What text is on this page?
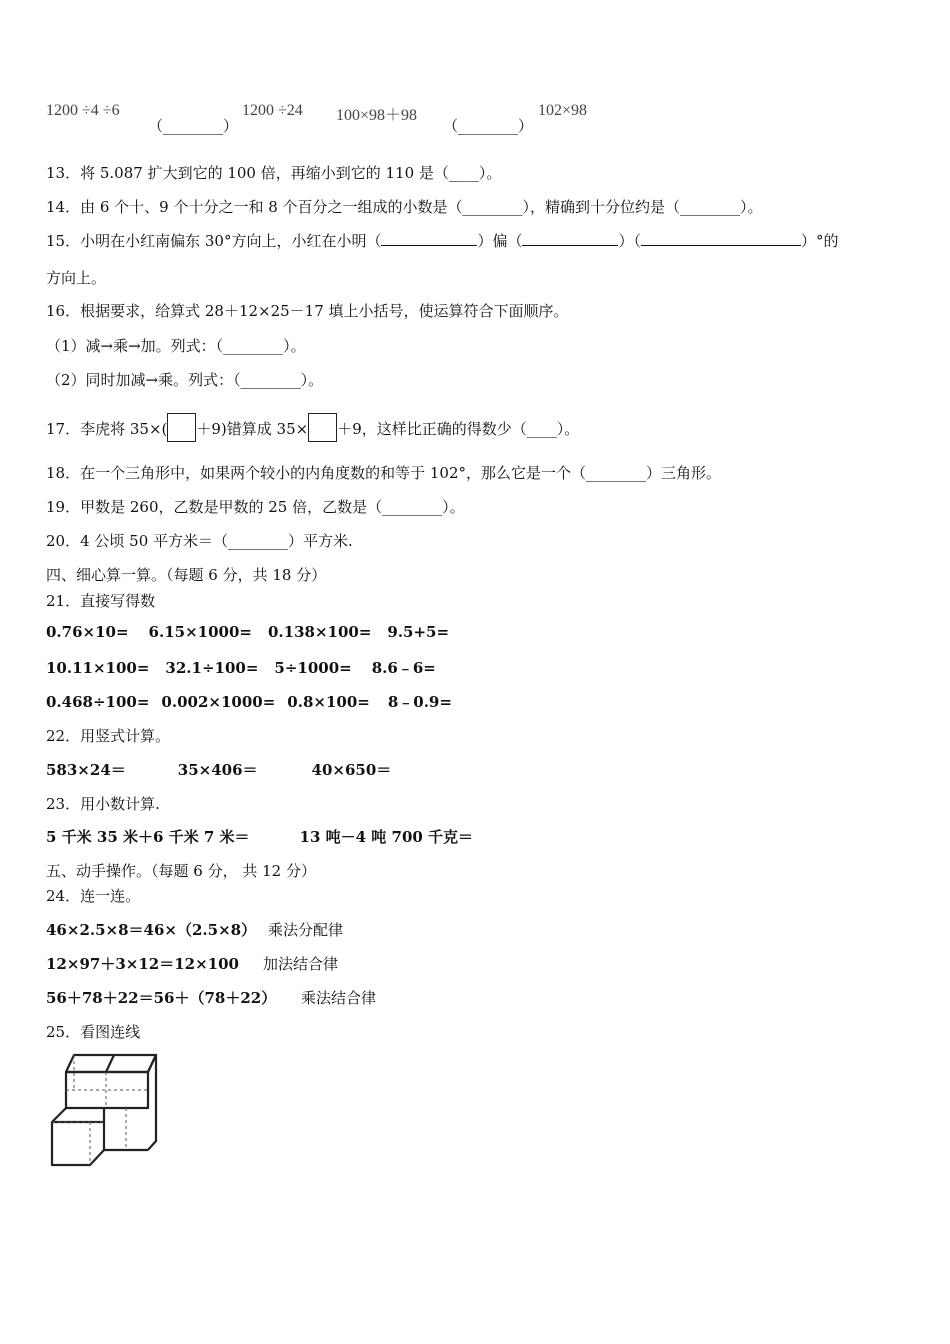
1200 ÷4 ÷6
（________）
1200 ÷24 100×98＋98
（________）
102×98
13．将 5.087 扩大到它的 100 倍，再缩小到它的 110 是（____）。
14．由 6 个十、9 个十分之一和 8 个百分之一组成的小数是（________），精确到十分位约是（________）。
15．小明在小红南偏东 30°方向上，小红在小明（	）偏（	）（	）°的
方向上。
16．根据要求，给算式 28＋12×25－17 填上小括号，使运算符合下面顺序。
（1）减→乘→加。列式：（________）。
（2）同时加减→乘。列式：（________）。
17．李虎将 35×( ＋9)错算成 35× ＋9，这样比正确的得数少（____）。
18．在一个三角形中，如果两个较小的内角度数的和等于 102°，那么它是一个（________）三角形。
19．甲数是 260，乙数是甲数的 25 倍，乙数是（________）。
20．4 公顷 50 平方米＝（________）平方米.
四、细心算一算。（每题 6 分，共 18 分）
21．直接写得数
0.76×10= 6.15×1000= 0.138×100= 9.5+5=
10.11×100= 32.1÷100= 5÷1000= 8.6﹣6=
0.468÷100= 0.002×1000= 0.8×100= 8﹣0.9=
22．用竖式计算。
583×24＝	35×406＝	40×650＝
23．用小数计算.
5 千米 35 米＋6 千米 7 米＝	13 吨－4 吨 700 千克＝
五、动手操作。（每题 6 分， 共 12 分）
24．连一连。
46×2.5×8＝46×（2.5×8） 乘法分配律
12×97＋3×12＝12×100 加法结合律
56＋78＋22＝56＋（78＋22） 乘法结合律
25．看图连线
